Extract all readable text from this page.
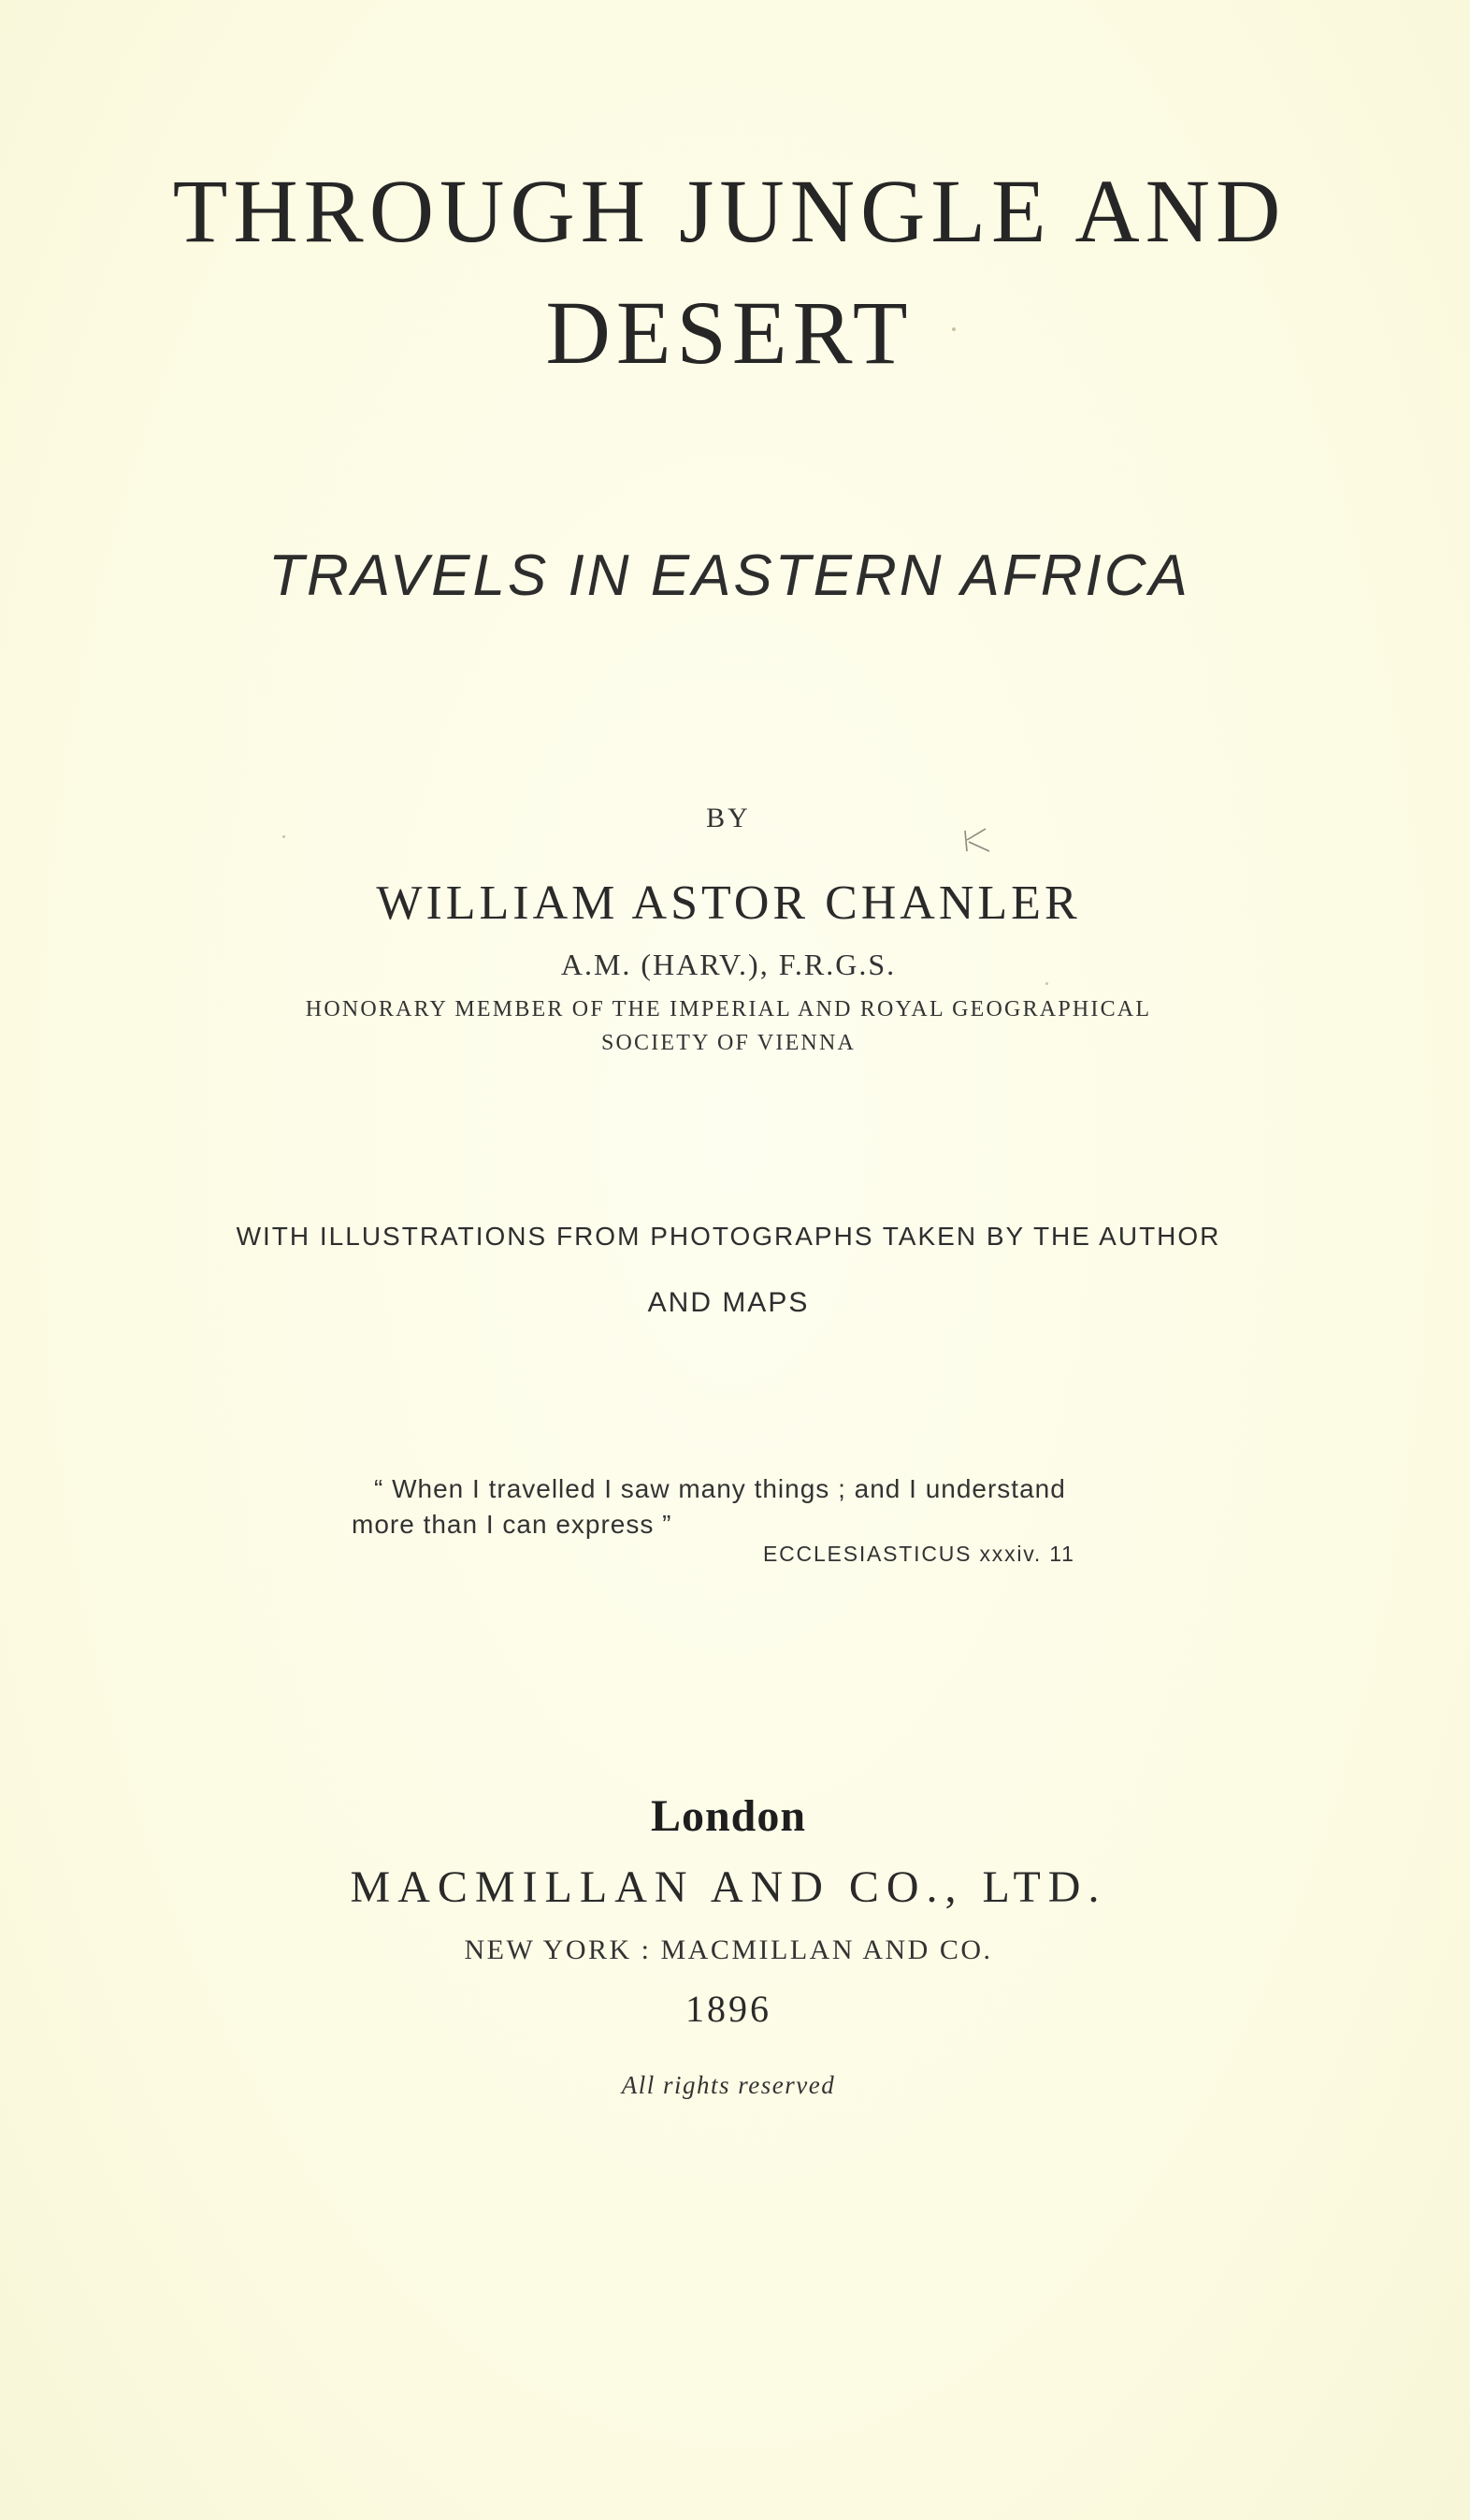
THROUGH JUNGLE AND
DESERT
TRAVELS IN EASTERN AFRICA
BY
WILLIAM ASTOR CHANLER
A.M. (HARV.), F.R.G.S.
HONORARY MEMBER OF THE IMPERIAL AND ROYAL GEOGRAPHICAL
SOCIETY OF VIENNA
WITH ILLUSTRATIONS FROM PHOTOGRAPHS TAKEN BY THE AUTHOR
AND MAPS
“ When I travelled I saw many things ; and I understand
more than I can express ”
ECCLESIASTICUS xxxiv. 11
London
MACMILLAN AND CO., LTD.
NEW YORK : MACMILLAN AND CO.
1896
All rights reserved
